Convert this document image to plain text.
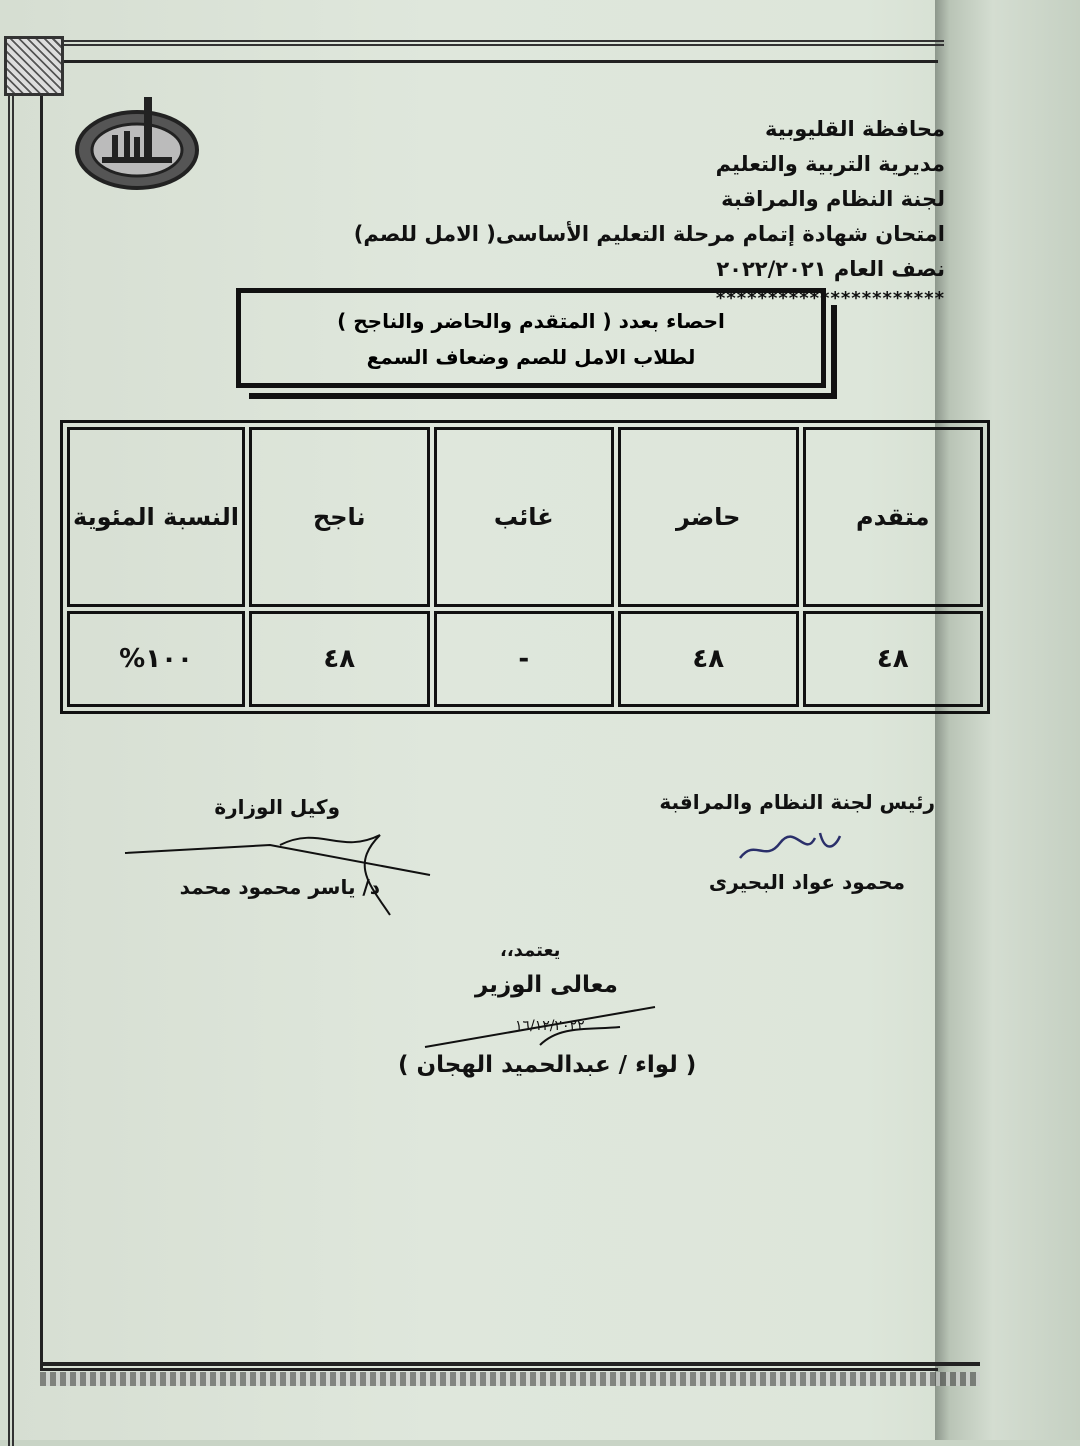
محافظة القليوبية
مديرية التربية والتعليم
لجنة النظام والمراقبة
امتحان شهادة إتمام مرحلة التعليم الأساسى( الامل للصم)
نصف العام ٢٠٢٢/٢٠٢١
**********************
احصاء بعدد ( المتقدم والحاضر والناجح )
لطلاب الامل للصم وضعاف السمع
متقدم	حاضر	غائب	ناجح	النسبة المئوية
٤٨	٤٨	-	٤٨	١٠٠%
رئيس لجنة النظام والمراقبة
محمود عواد البحيرى
وكيل الوزارة
د/ ياسر محمود محمد
يعتمد،،
معالى الوزير
١٦/١٢/٢٠٢٢
( لواء / عبدالحميد الهجان )
